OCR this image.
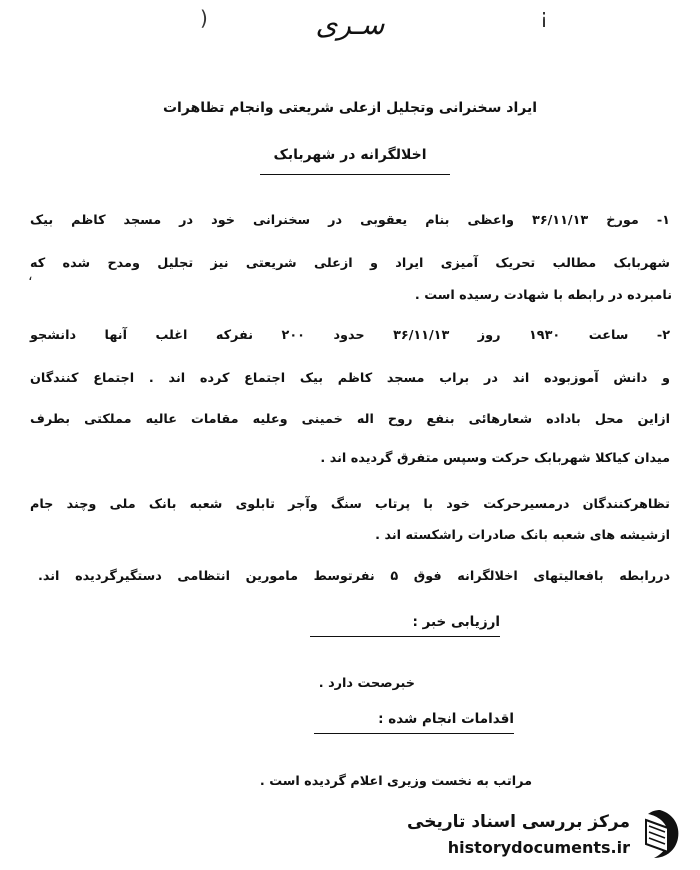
(	¡
سـرى
ایراد سخنرانی وتجلیل ازعلی شریعتی وانجام تظاهرات
اخلالگرانه در شهربابک
۱- مورخ ۳۶/۱۱/۱۳ واعظی بنام یعقوبی در سخنرانی خود در مسجد کاظم بیک
شهربابک مطالب تحریک آمیزی ایراد و ازعلی شریعتی نیز تجلیل ومدح شده که
نامبرده در رابطه با شهادت رسیده است .
،
۲- ساعت ۱۹۳۰ روز ۳۶/۱۱/۱۳ حدود ۲۰۰ نفرکه اغلب آنها دانشجو
و دانش آموزبوده اند در براب مسجد کاظم بیک اجتماع کرده اند . اجتماع کنندگان
ازاین محل باداده شعارهائی بنفع روح اله خمینی وعلیه مقامات عالیه مملکتی بطرف
میدان کیاکلا شهربابک حرکت وسپس متفرق گردیده اند .
تظاهرکنندگان درمسیرحرکت خود با پرتاب سنگ وآجر تابلوی شعبه بانک ملی وچند جام
ازشیشه های شعبه بانک صادرات راشکسته اند .
دررابطه بافعالیتهای اخلالگرانه فوق ۵ نفرتوسط مامورین انتظامی دستگیرگردیده اند.
ارزیابی خبر :
خبرصحت دارد .
اقدامات انجام شده :
مراتب به نخست وزیری اعلام گردیده است .
مرکز بررسی اسناد تاریخی
historydocuments.ir
